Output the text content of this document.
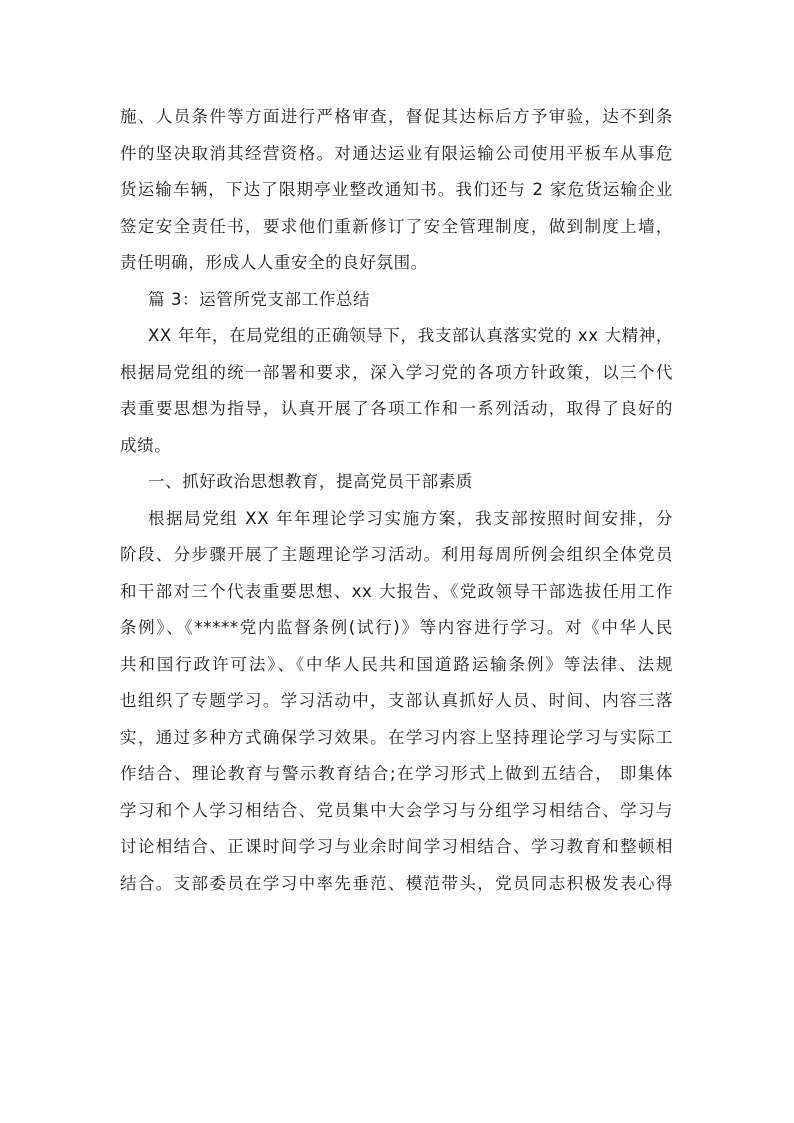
施、人员条件等方面进行严格审查，督促其达标后方予审验，达不到条
件的坚决取消其经营资格。对通达运业有限运输公司使用平板车从事危
货运输车辆，下达了限期亭业整改通知书。我们还与 2 家危货运输企业
签定安全责任书，要求他们重新修订了安全管理制度，做到制度上墙，
责任明确，形成人人重安全的良好氛围。
篇 3：运管所党支部工作总结
XX 年年，在局党组的正确领导下，我支部认真落实党的 xx 大精神，
根据局党组的统一部署和要求，深入学习党的各项方针政策，以三个代
表重要思想为指导，认真开展了各项工作和一系列活动，取得了良好的
成绩。
一、抓好政治思想教育，提高党员干部素质
根据局党组 XX 年年理论学习实施方案，我支部按照时间安排，分
阶段、分步骤开展了主题理论学习活动。利用每周所例会组织全体党员
和干部对三个代表重要思想、xx 大报告、《党政领导干部选拔任用工作
条例》、《*****党内监督条例(试行)》等内容进行学习。对《中华人民
共和国行政许可法》、《中华人民共和国道路运输条例》等法律、法规
也组织了专题学习。学习活动中，支部认真抓好人员、时间、内容三落
实，通过多种方式确保学习效果。在学习内容上坚持理论学习与实际工
作结合、理论教育与警示教育结合;在学习形式上做到五结合， 即集体
学习和个人学习相结合、党员集中大会学习与分组学习相结合、学习与
讨论相结合、正课时间学习与业余时间学习相结合、学习教育和整顿相
结合。支部委员在学习中率先垂范、模范带头，党员同志积极发表心得
